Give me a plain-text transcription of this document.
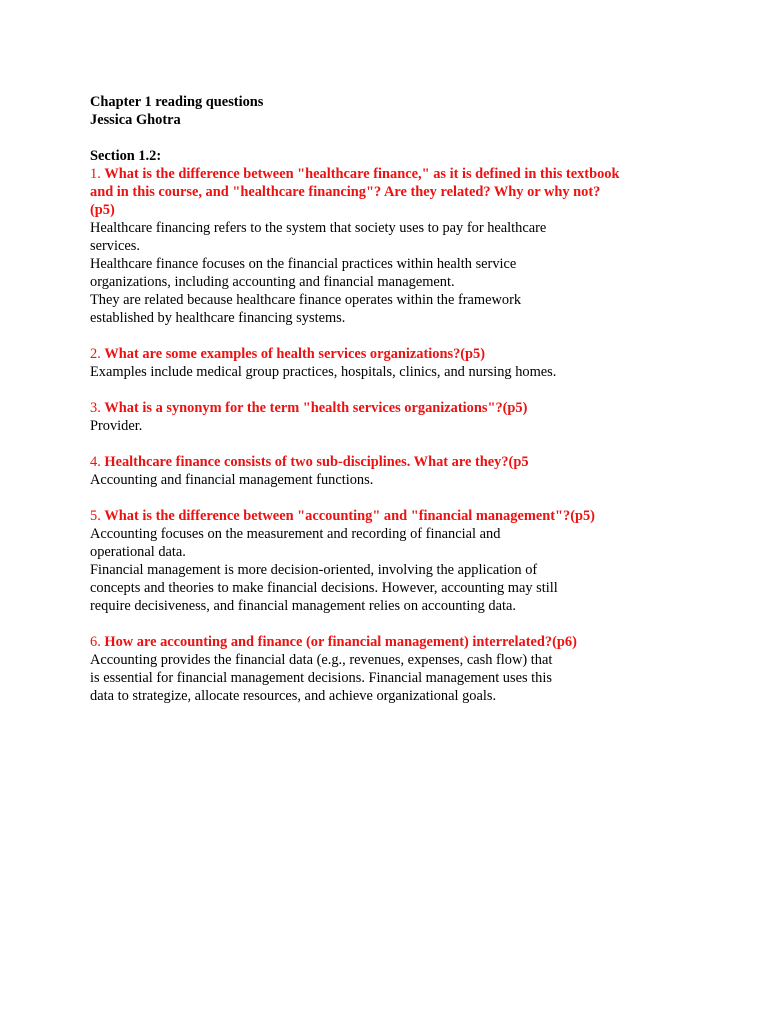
Chapter 1 reading questions
Jessica Ghotra
Section 1.2:
1. What is the difference between "healthcare finance," as it is defined in this textbook
and in this course, and "healthcare financing"? Are they related? Why or why not?
(p5)
Healthcare financing refers to the system that society uses to pay for healthcare
services.
Healthcare finance focuses on the financial practices within health service
organizations, including accounting and financial management.
They are related because healthcare finance operates within the framework
established by healthcare financing systems.
2. What are some examples of health services organizations?(p5)
Examples include medical group practices, hospitals, clinics, and nursing homes.
3. What is a synonym for the term "health services organizations"?(p5)
Provider.
4. Healthcare finance consists of two sub-disciplines. What are they?(p5
Accounting and financial management functions.
5. What is the difference between "accounting" and "financial management"?(p5)
Accounting focuses on the measurement and recording of financial and
operational data.
Financial management is more decision-oriented, involving the application of
concepts and theories to make financial decisions. However, accounting may still
require decisiveness, and financial management relies on accounting data.
6. How are accounting and finance (or financial management) interrelated?(p6)
Accounting provides the financial data (e.g., revenues, expenses, cash flow) that
is essential for financial management decisions. Financial management uses this
data to strategize, allocate resources, and achieve organizational goals.
